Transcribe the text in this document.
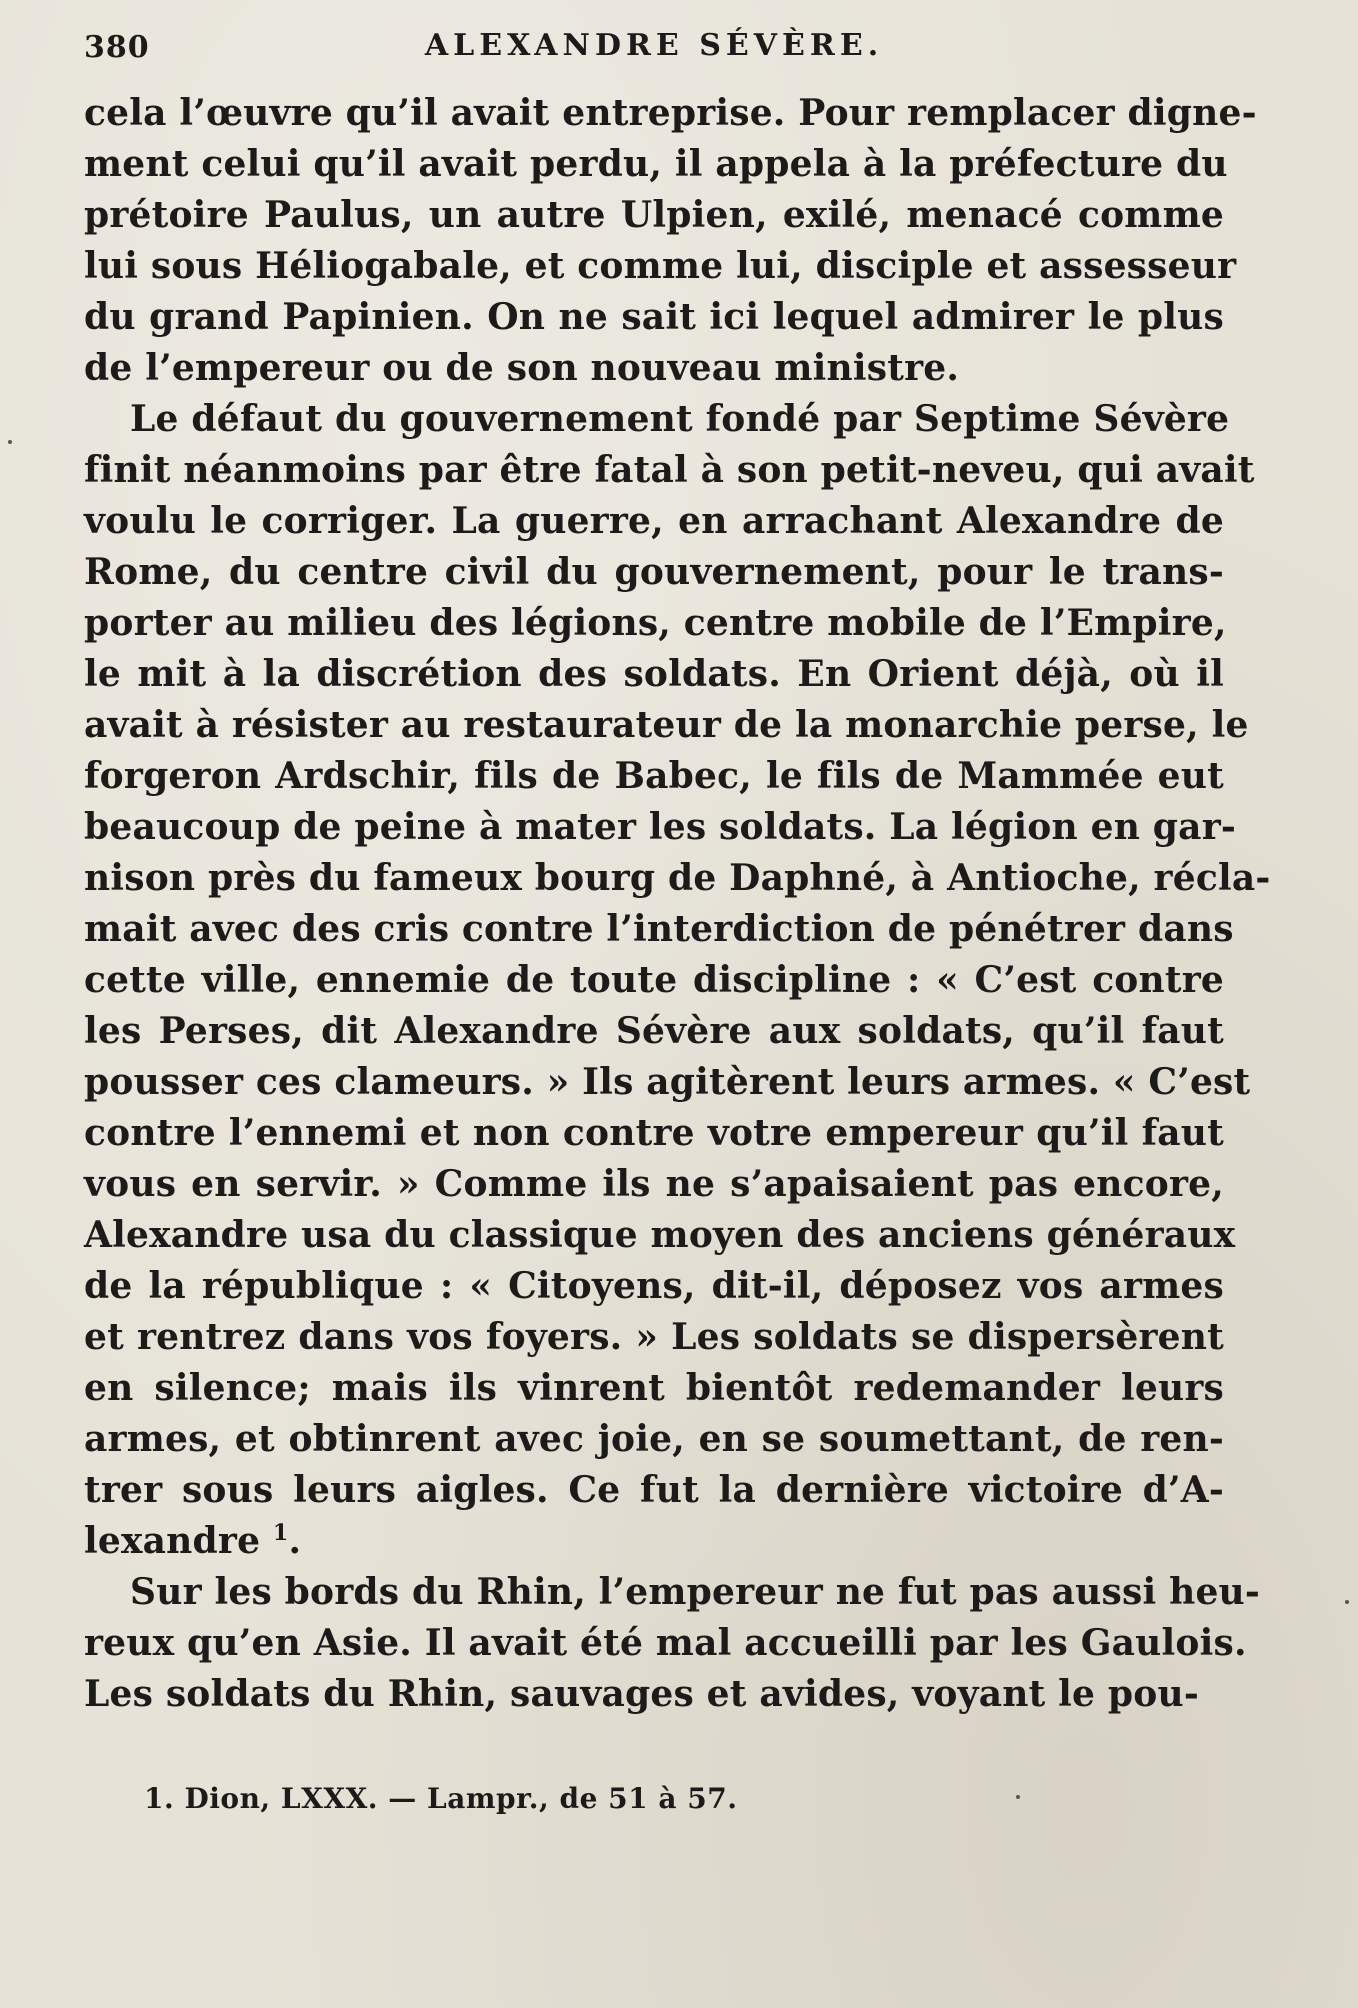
380	ALEXANDRE SÉVÈRE.
cela l’œuvre qu’il avait entreprise. Pour remplacer digne-
ment celui qu’il avait perdu, il appela à la préfecture du
prétoire Paulus, un autre Ulpien, exilé, menacé comme
lui sous Héliogabale, et comme lui, disciple et assesseur
du grand Papinien. On ne sait ici lequel admirer le plus
de l’empereur ou de son nouveau ministre.
Le défaut du gouvernement fondé par Septime Sévère
finit néanmoins par être fatal à son petit-neveu, qui avait
voulu le corriger. La guerre, en arrachant Alexandre de
Rome, du centre civil du gouvernement, pour le trans-
porter au milieu des légions, centre mobile de l’Empire,
le mit à la discrétion des soldats. En Orient déjà, où il
avait à résister au restaurateur de la monarchie perse, le
forgeron Ardschir, fils de Babec, le fils de Mammée eut
beaucoup de peine à mater les soldats. La légion en gar-
nison près du fameux bourg de Daphné, à Antioche, récla-
mait avec des cris contre l’interdiction de pénétrer dans
cette ville, ennemie de toute discipline : « C’est contre
les Perses, dit Alexandre Sévère aux soldats, qu’il faut
pousser ces clameurs. » Ils agitèrent leurs armes. « C’est
contre l’ennemi et non contre votre empereur qu’il faut
vous en servir. » Comme ils ne s’apaisaient pas encore,
Alexandre usa du classique moyen des anciens généraux
de la république : « Citoyens, dit-il, déposez vos armes
et rentrez dans vos foyers. » Les soldats se dispersèrent
en silence; mais ils vinrent bientôt redemander leurs
armes, et obtinrent avec joie, en se soumettant, de ren-
trer sous leurs aigles. Ce fut la dernière victoire d’A-
lexandre $^1$.
Sur les bords du Rhin, l’empereur ne fut pas aussi heu-
reux qu’en Asie. Il avait été mal accueilli par les Gaulois.
Les soldats du Rhin, sauvages et avides, voyant le pou-
1. Dion, LXXX. — Lampr., de 51 à 57.
